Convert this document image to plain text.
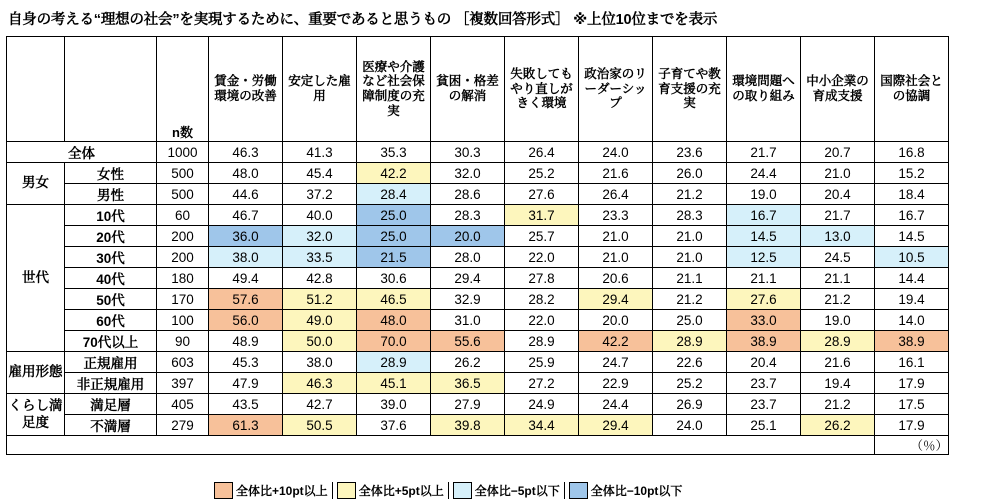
自身の考える“理想の社会”を実現するために、重要であると思うもの ［複数回答形式］ ※上位10位までを表示
		n数	賃金・労働環境の改善	安定した雇用	医療や介護など社会保障制度の充実	貧困・格差の解消	失敗してもやり直しがきく環境	政治家のリーダーシップ	子育てや教育支援の充実	環境問題への取り組み	中小企業の育成支援	国際社会との協調
全体		1000	46.3	41.3	35.3	30.3	26.4	24.0	23.6	21.7	20.7	16.8
男女	女性	500	48.0	45.4	42.2	32.0	25.2	21.6	26.0	24.4	21.0	15.2
	男性	500	44.6	37.2	28.4	28.6	27.6	26.4	21.2	19.0	20.4	18.4
世代	10代	60	46.7	40.0	25.0	28.3	31.7	23.3	28.3	16.7	21.7	16.7
	20代	200	36.0	32.0	25.0	20.0	25.7	21.0	21.0	14.5	13.0	14.5
	30代	200	38.0	33.5	21.5	28.0	22.0	21.0	21.0	12.5	24.5	10.5
	40代	180	49.4	42.8	30.6	29.4	27.8	20.6	21.1	21.1	21.1	14.4
	50代	170	57.6	51.2	46.5	32.9	28.2	29.4	21.2	27.6	21.2	19.4
	60代	100	56.0	49.0	48.0	31.0	22.0	20.0	25.0	33.0	19.0	14.0
	70代以上	90	48.9	50.0	70.0	55.6	28.9	42.2	28.9	38.9	28.9	38.9
雇用形態	正規雇用	603	45.3	38.0	28.9	26.2	25.9	24.7	22.6	20.4	21.6	16.1
	非正規雇用	397	47.9	46.3	45.1	36.5	27.2	22.9	25.2	23.7	19.4	17.9
くらし満足度	満足層	405	43.5	42.7	39.0	27.9	24.9	24.4	26.9	23.7	21.2	17.5
	不満層	279	61.3	50.5	37.6	39.8	34.4	29.4	24.0	25.1	26.2	17.9
												（％）
全体比+10pt以上	全体比+5pt以上	全体比−5pt以下	全体比−10pt以下
